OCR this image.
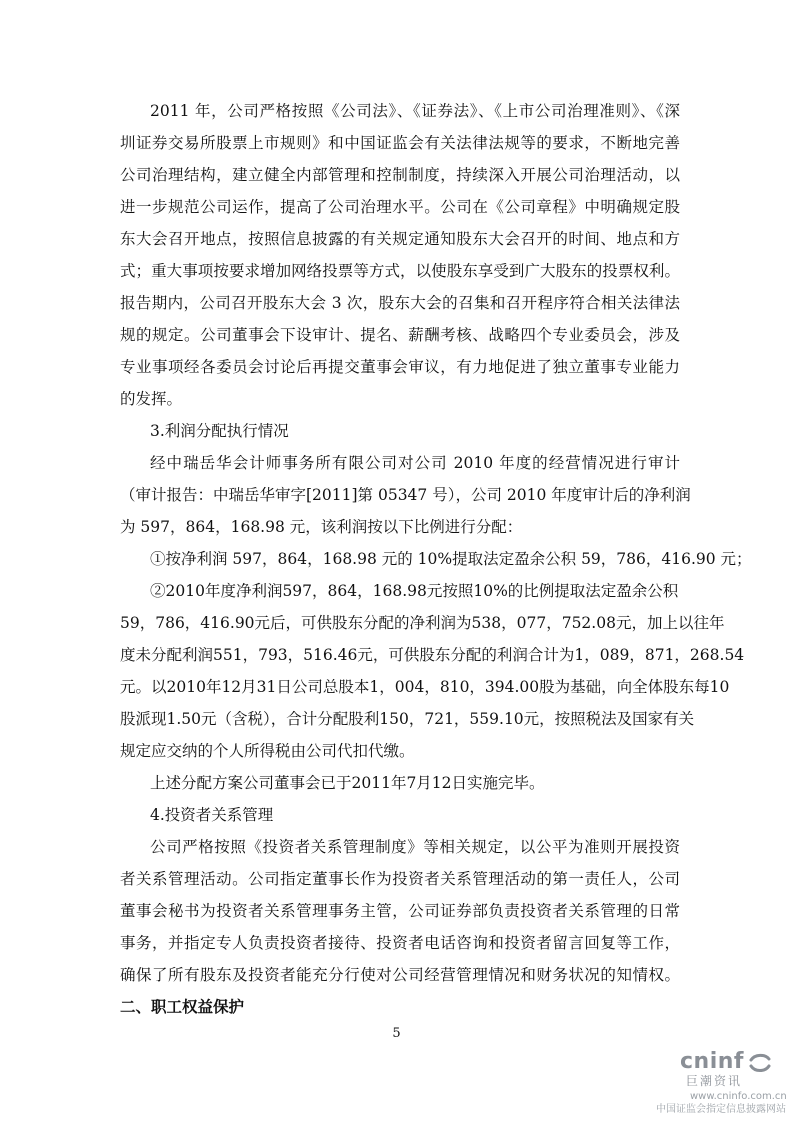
2011 年，公司严格按照《公司法》、《证券法》、《上市公司治理准则》、《深
圳证券交易所股票上市规则》和中国证监会有关法律法规等的要求，不断地完善
公司治理结构，建立健全内部管理和控制制度，持续深入开展公司治理活动，以
进一步规范公司运作，提高了公司治理水平。公司在《公司章程》中明确规定股
东大会召开地点，按照信息披露的有关规定通知股东大会召开的时间、地点和方
式；重大事项按要求增加网络投票等方式，以使股东享受到广大股东的投票权利。
报告期内，公司召开股东大会 3 次，股东大会的召集和召开程序符合相关法律法
规的规定。公司董事会下设审计、提名、薪酬考核、战略四个专业委员会，涉及
专业事项经各委员会讨论后再提交董事会审议，有力地促进了独立董事专业能力
的发挥。
3.利润分配执行情况
经中瑞岳华会计师事务所有限公司对公司 2010 年度的经营情况进行审计
（审计报告：中瑞岳华审字[2011]第 05347 号），公司 2010 年度审计后的净利润
为 597，864，168.98 元，该利润按以下比例进行分配：
①按净利润 597，864，168.98 元的 10%提取法定盈余公积 59，786，416.90 元；
②2010年度净利润597，864，168.98元按照10%的比例提取法定盈余公积
59，786，416.90元后，可供股东分配的净利润为538，077，752.08元，加上以往年
度未分配利润551，793，516.46元，可供股东分配的利润合计为1，089，871，268.54
元。以2010年12月31日公司总股本1，004，810，394.00股为基础，向全体股东每10
股派现1.50元（含税），合计分配股利150，721，559.10元，按照税法及国家有关
规定应交纳的个人所得税由公司代扣代缴。
上述分配方案公司董事会已于2011年7月12日实施完毕。
4.投资者关系管理
公司严格按照《投资者关系管理制度》等相关规定，以公平为准则开展投资
者关系管理活动。公司指定董事长作为投资者关系管理活动的第一责任人，公司
董事会秘书为投资者关系管理事务主管，公司证券部负责投资者关系管理的日常
事务，并指定专人负责投资者接待、投资者电话咨询和投资者留言回复等工作，
确保了所有股东及投资者能充分行使对公司经营管理情况和财务状况的知情权。
二、职工权益保护
5
cninf
巨潮资讯
www.cninfo.com.cn
中国证监会指定信息披露网站
